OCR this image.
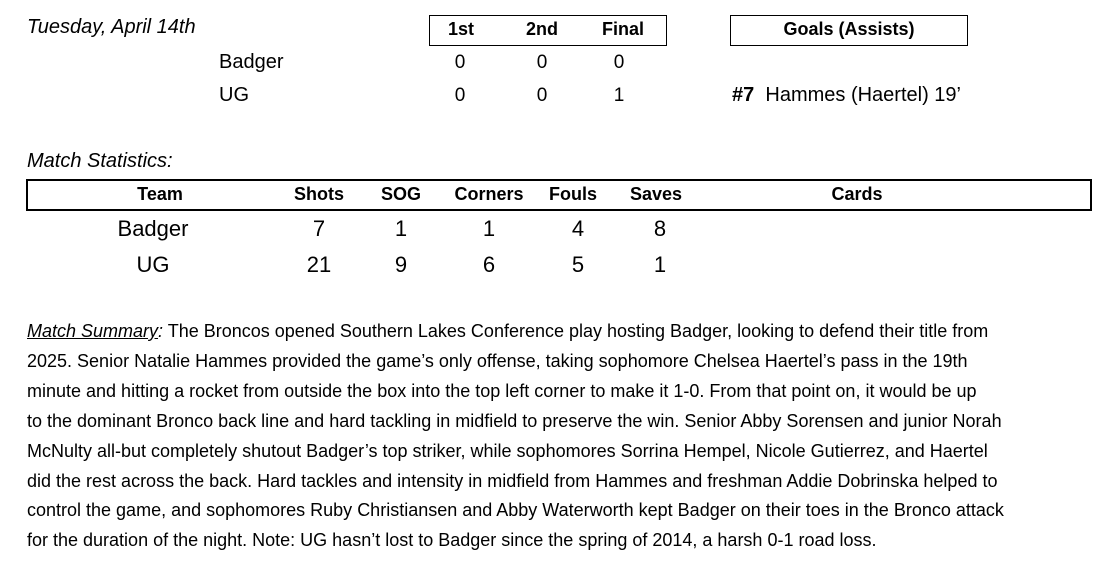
Tuesday, April 14th	1st	2nd	Final	Goals (Assists)
Badger	0	0	0
UG	0	0	1	#7 Hammes (Haertel) 19’
Match Statistics:
Team	Shots	SOG	Corners	Fouls	Saves	Cards
Badger	7	1	1	4	8
UG	21	9	6	5	1
Match Summary: The Broncos opened Southern Lakes Conference play hosting Badger, looking to defend their title from
2025. Senior Natalie Hammes provided the game’s only offense, taking sophomore Chelsea Haertel’s pass in the 19th
minute and hitting a rocket from outside the box into the top left corner to make it 1-0. From that point on, it would be up
to the dominant Bronco back line and hard tackling in midfield to preserve the win. Senior Abby Sorensen and junior Norah
McNulty all-but completely shutout Badger’s top striker, while sophomores Sorrina Hempel, Nicole Gutierrez, and Haertel
did the rest across the back. Hard tackles and intensity in midfield from Hammes and freshman Addie Dobrinska helped to
control the game, and sophomores Ruby Christiansen and Abby Waterworth kept Badger on their toes in the Bronco attack
for the duration of the night. Note: UG hasn’t lost to Badger since the spring of 2014, a harsh 0-1 road loss.
